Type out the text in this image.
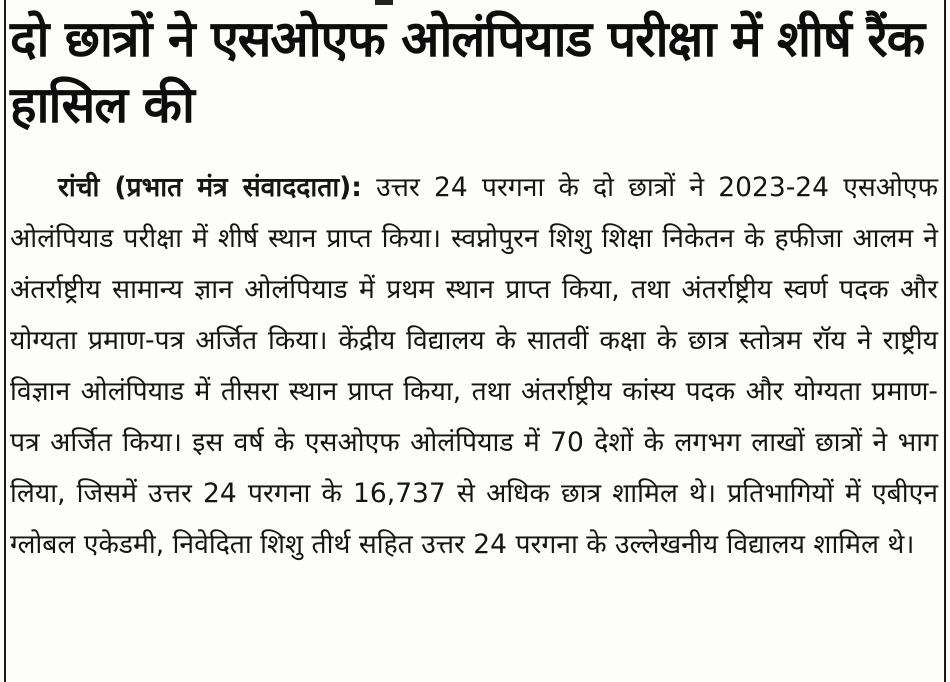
दो छात्रों ने एसओएफ ओलंपियाड परीक्षा में शीर्ष रैंक हासिल की

रांची (प्रभात मंत्र संवाददाता): उत्तर 24 परगना के दो छात्रों ने 2023-24 एसओएफ ओलंपियाड परीक्षा में शीर्ष स्थान प्राप्त किया। स्वप्नोपुरन शिशु शिक्षा निकेतन के हफीजा आलम ने अंतर्राष्ट्रीय सामान्य ज्ञान ओलंपियाड में प्रथम स्थान प्राप्त किया, तथा अंतर्राष्ट्रीय स्वर्ण पदक और योग्यता प्रमाण-पत्र अर्जित किया। केंद्रीय विद्यालय के सातवीं कक्षा के छात्र स्तोत्रम रॉय ने राष्ट्रीय विज्ञान ओलंपियाड में तीसरा स्थान प्राप्त किया, तथा अंतर्राष्ट्रीय कांस्य पदक और योग्यता प्रमाण-पत्र अर्जित किया। इस वर्ष के एसओएफ ओलंपियाड में 70 देशों के लगभग लाखों छात्रों ने भाग लिया, जिसमें उत्तर 24 परगना के 16,737 से अधिक छात्र शामिल थे। प्रतिभागियों में एबीएन ग्लोबल एकेडमी, निवेदिता शिशु तीर्थ सहित उत्तर 24 परगना के उल्लेखनीय विद्यालय शामिल थे।
